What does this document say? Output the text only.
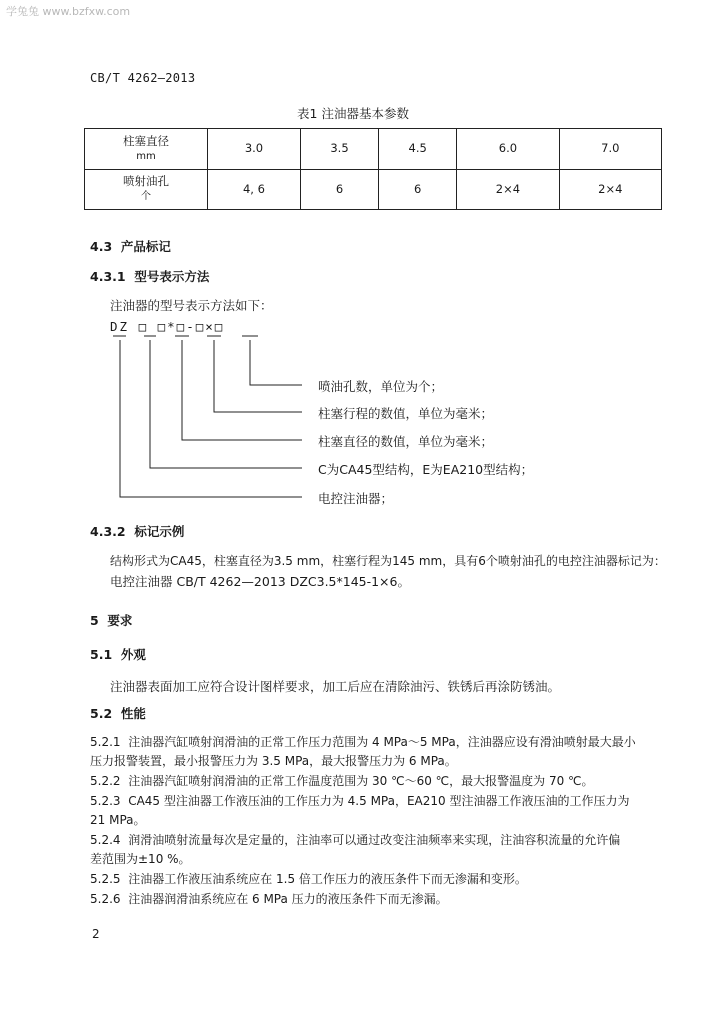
学兔兔 www.bzfxw.com
CB/T 4262—2013
表1 注油器基本参数
柱塞直径
mm	3.0	3.5	4.5	6.0	7.0
喷射油孔
个	4, 6	6	6	2×4	2×4
4.3 产品标记
4.3.1 型号表示方法
注油器的型号表示方法如下：
DZ □ □*□-□×□
喷油孔数，单位为个；
柱塞行程的数值，单位为毫米；
柱塞直径的数值，单位为毫米；
C为CA45型结构，E为EA210型结构；
电控注油器；
4.3.2 标记示例
结构形式为CA45，柱塞直径为3.5 mm，柱塞行程为145 mm，具有6个喷射油孔的电控注油器标记为：
电控注油器 CB/T 4262—2013 DZC3.5*145-1×6。
5 要求
5.1 外观
注油器表面加工应符合设计图样要求，加工后应在清除油污、铁锈后再涂防锈油。
5.2 性能
5.2.1 注油器汽缸喷射润滑油的正常工作压力范围为 4 MPa～5 MPa，注油器应设有滑油喷射最大最小
压力报警装置，最小报警压力为 3.5 MPa，最大报警压力为 6 MPa。
5.2.2 注油器汽缸喷射润滑油的正常工作温度范围为 30 ℃～60 ℃，最大报警温度为 70 ℃。
5.2.3 CA45 型注油器工作液压油的工作压力为 4.5 MPa，EA210 型注油器工作液压油的工作压力为
21 MPa。
5.2.4 润滑油喷射流量每次是定量的，注油率可以通过改变注油频率来实现，注油容积流量的允许偏
差范围为±10 %。
5.2.5 注油器工作液压油系统应在 1.5 倍工作压力的液压条件下而无渗漏和变形。
5.2.6 注油器润滑油系统应在 6 MPa 压力的液压条件下而无渗漏。
2
